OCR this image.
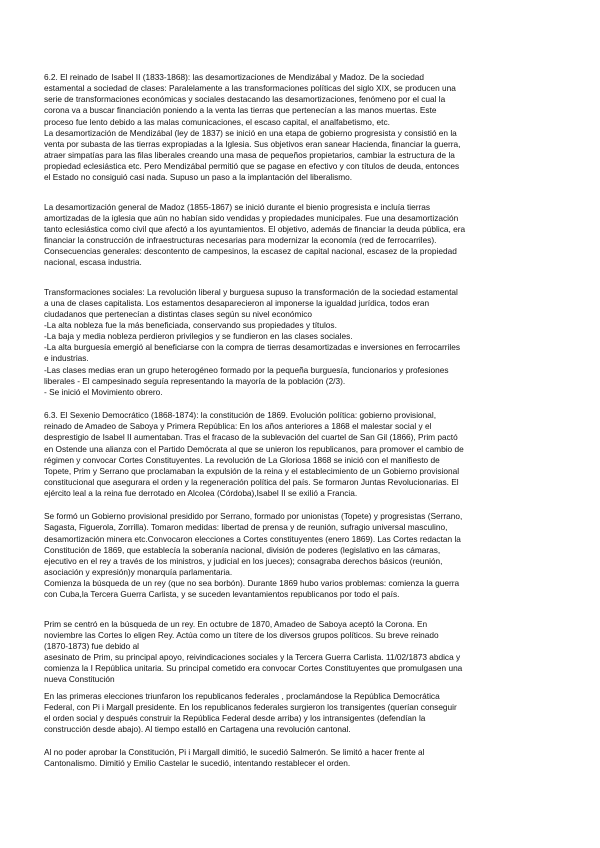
6.2. El reinado de Isabel II (1833-1868): las desamortizaciones de Mendizábal y Madoz. De la sociedad
estamental a sociedad de clases: Paralelamente a las transformaciones políticas del siglo XIX, se producen una
serie de transformaciones económicas y sociales destacando las desamortizaciones, fenómeno por el cual la
corona va a buscar financiación poniendo a la venta las tierras que pertenecían a las manos muertas. Este
proceso fue lento debido a las malas comunicaciones, el escaso capital, el analfabetismo, etc.

La desamortización de Mendizábal (ley de 1837) se inició en una etapa de gobierno progresista y consistió en la
venta por subasta de las tierras expropiadas a la Iglesia. Sus objetivos eran sanear Hacienda, financiar la guerra,
atraer simpatías para las filas liberales creando una masa de pequeños propietarios, cambiar la estructura de la
propiedad eclesiástica etc. Pero Mendizábal permitió que se pagase en efectivo y con títulos de deuda, entonces
el Estado no consiguió casi nada. Supuso un paso a la implantación del liberalismo.

La desamortización general de Madoz (1855-1867) se inició durante el bienio progresista e incluía tierras
amortizadas de la iglesia que aún no habían sido vendidas y propiedades municipales. Fue una desamortización
tanto eclesiástica como civil que afectó a los ayuntamientos. El objetivo, además de financiar la deuda pública, era
financiar la construcción de infraestructuras necesarias para modernizar la economía (red de ferrocarriles).
Consecuencias generales: descontento de campesinos, la escasez de capital nacional, escasez de la propiedad
nacional, escasa industria.

Transformaciones sociales: La revolución liberal y burguesa supuso la transformación de la sociedad estamental
a una de clases capitalista. Los estamentos desaparecieron al imponerse la igualdad jurídica, todos eran
ciudadanos que pertenecían a distintas clases según su nivel económico
-La alta nobleza fue la más beneficiada, conservando sus propiedades y títulos.
-La baja y media nobleza perdieron privilegios y se fundieron en las clases sociales.
-La alta burguesía emergió al beneficiarse con la compra de tierras desamortizadas e inversiones en ferrocarriles
e industrias.
-Las clases medias eran un grupo heterogéneo formado por la pequeña burguesía, funcionarios y profesiones
liberales - El campesinado seguía representando la mayoría de la población (2/3).
- Se inició el Movimiento obrero.

6.3. El Sexenio Democrático (1868-1874): la constitución de 1869. Evolución política: gobierno provisional,
reinado de Amadeo de Saboya y Primera República: En los años anteriores a 1868 el malestar social y el
desprestigio de Isabel II aumentaban. Tras el fracaso de la sublevación del cuartel de San Gil (1866), Prim pactó
en Ostende una alianza con el Partido Demócrata al que se unieron los republicanos, para promover el cambio de
régimen y convocar Cortes Constituyentes. La revolución de La Gloriosa 1868 se inició con el manifiesto de
Topete, Prim y Serrano que proclamaban la expulsión de la reina y el establecimiento de un Gobierno provisional
constitucional que asegurara el orden y la regeneración política del país. Se formaron Juntas Revolucionarias. El
ejército leal a la reina fue derrotado en Alcolea (Córdoba),Isabel II se exilió a Francia.

Se formó un Gobierno provisional presidido por Serrano, formado por unionistas (Topete) y progresistas (Serrano,
Sagasta, Figuerola, Zorrilla). Tomaron medidas: libertad de prensa y de reunión, sufragio universal masculino,
desamortización minera etc.Convocaron elecciones a Cortes constituyentes (enero 1869). Las Cortes redactan la
Constitución de 1869, que establecía la soberanía nacional, división de poderes (legislativo en las cámaras,
ejecutivo en el rey a través de los ministros, y judicial en los jueces); consagraba derechos básicos (reunión,
asociación y expresión)y monarquía parlamentaria.
Comienza la búsqueda de un rey (que no sea borbón). Durante 1869 hubo varios problemas: comienza la guerra
con Cuba,la Tercera Guerra Carlista, y se suceden levantamientos republicanos por todo el país.

Prim se centró en la búsqueda de un rey. En octubre de 1870, Amadeo de Saboya aceptó la Corona. En
noviembre las Cortes lo eligen Rey. Actúa como un títere de los diversos grupos políticos. Su breve reinado
(1870-1873) fue debido al
asesinato de Prim, su principal apoyo, reivindicaciones sociales y la Tercera Guerra Carlista. 11/02/1873 abdica y
comienza la I República unitaria. Su principal cometido era convocar Cortes Constituyentes que promulgasen una
nueva Constitución

En las primeras elecciones triunfaron los republicanos federales , proclamándose la República Democrática
Federal, con Pi i Margall presidente. En los republicanos federales surgieron los transigentes (querían conseguir
el orden social y después construir la República Federal desde arriba) y los intransigentes (defendían la
construcción desde abajo). Al tiempo estalló en Cartagena una revolución cantonal.

Al no poder aprobar la Constitución, Pi i Margall dimitió, le sucedió Salmerón. Se limitó a hacer frente al
Cantonalismo. Dimitió y Emilio Castelar le sucedió, intentando restablecer el orden.
